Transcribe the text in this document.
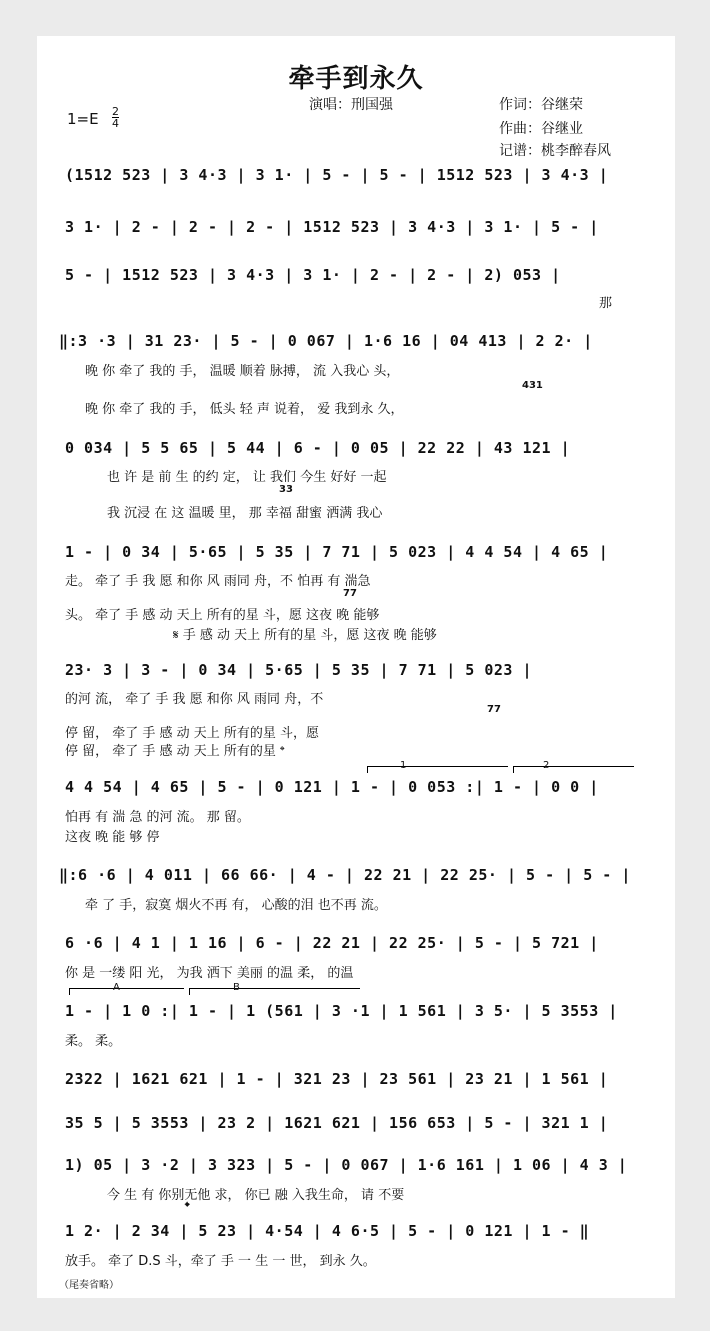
牵手到永久
演唱：刑国强	作词：谷继荣
作曲：谷继业
记谱：桃李醉春风
$1=E \frac{2}{4}$
(1512 523 | 3 4·3 | 3 1· | 5 - | 5 - | 1512 523 | 3 4·3 |
3 1· | 2 - | 2 - | 2 - | 1512 523 | 3 4·3 | 3 1· | 5 - |
5 - | 1512 523 | 3 4·3 | 3 1· | 2 - | 2 - | 2) 053 |
那
‖:3 ·3 | 31 23· | 5 - | 0 067 | 1·6 16 | 04 413 | 2 2· |
晚 你 牵了 我的 手， 温暖 顺着 脉搏， 流 入我心 头，
431
晚 你 牵了 我的 手， 低头 轻 声 说着， 爱 我到永 久，
0 034 | 5 5 65 | 5 44 | 6 - | 0 05 | 22 22 | 43 121 |
也 许 是 前 生 的约 定， 让 我们 今生 好好 一起
33
我 沉浸 在 这 温暖 里， 那 幸福 甜蜜 洒满 我心
1 - | 0 34 | 5·65 | 5 35 | 7 71 | 5 023 | 4 4 54 | 4 65 |
走。 牵了 手 我 愿 和你 风 雨同 舟，不 怕再 有 湍急
77
头。 牵了 手 感 动 天上 所有的星 斗，愿 这夜 晚 能够
𝄋 手 感 动 天上 所有的星 斗，愿 这夜 晚 能够
23· 3 | 3 - | 0 34 | 5·65 | 5 35 | 7 71 | 5 023 |
的河 流， 牵了 手 我 愿 和你 风 雨同 舟，不
77
停 留， 牵了 手 感 动 天上 所有的星 斗，愿
停 留， 牵了 手 感 动 天上 所有的星 𝄌
1	2
4 4 54 | 4 65 | 5 - | 0 121 | 1 - | 0 053 :| 1 - | 0 0 |
怕再 有 湍 急 的河 流。 那 留。
这夜 晚 能 够 停
‖:6 ·6 | 4 011 | 66 66· | 4 - | 22 21 | 22 25· | 5 - | 5 - |
牵 了 手，寂寞 烟火不再 有， 心酸的泪 也不再 流。
6 ·6 | 4 1 | 1 16 | 6 - | 22 21 | 22 25· | 5 - | 5 721 |
你 是 一缕 阳 光， 为我 洒下 美丽 的温 柔， 的温
A	B
1 - | 1 0 :| 1 - | 1 (561 | 3 ·1 | 1 561 | 3 5· | 5 3553 |
柔。 柔。
2322 | 1621 621 | 1 - | 321 23 | 23 561 | 23 21 | 1 561 |
35 5 | 5 3553 | 23 2 | 1621 621 | 156 653 | 5 - | 321 1 |
1) 05 | 3 ·2 | 3 323 | 5 - | 0 067 | 1·6 161 | 1 06 | 4 3 |
今 生 有 你别无他 求， 你已 融 入我生命， 请 不要
𝄌
1 2· | 2 34 | 5 23 | 4·54 | 4 6·5 | 5 - | 0 121 | 1 - ‖
放手。 牵了 D.S 斗，牵了 手 一 生 一 世， 到永 久。
（尾奏省略）
